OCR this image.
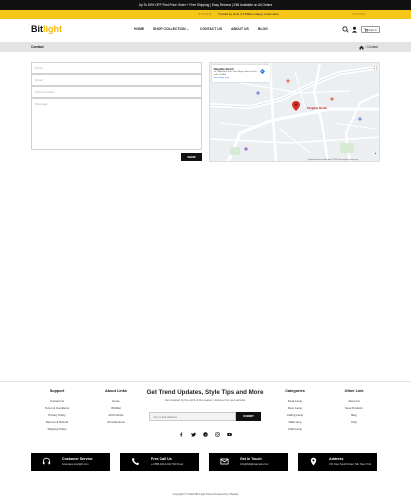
Up To 50% OFF First Price Order + Free Shipping | Easy Returns | EMI Available on All Orders
☆☆☆☆☆ Trusted by Over 2.5 Million Happy Customers	☆☆☆☆☆
Bitlight	HOME	SHOP COLLECTION ⌄	CONTACT US	ABOUT US	BLOG	Cart 0
Contact	› Contact
Name
Email
Phone number
Message
SEND
Tangible Booth
Tangible Booth
10, Umbrellas Hub, Sant Nagar, Burari Delhi, India 110084
View larger map
Keyboard shortcuts Map data ©2024 Terms Report a map error
Support
Contact Us
Terms & Conditions
Privacy Policy
Returns & Refund
Shipping Policy
About Links
Home
Wishlist
All Products
All Collections
Get Trend Updates, Style Tips and More
Get inspired by the spirit of the season, discover the new arrivals
Your email address
SUBMIT
Categories
Desk Lamp
Floor Lamp
Ceiling Lamp
Wall Lamp
Child Lamp
Other Link
About Us
New Products
Blog
FAQ
Customer Service
www.tape.lamlight.com
Free Call Us
+1 888-234-1234 (Toll Free)
Get in Touch
Info@bitlightsample.com
Address
151 New South Road, NE, New York
Copyright © 2024 Bit Light Store Powered by Shopify
